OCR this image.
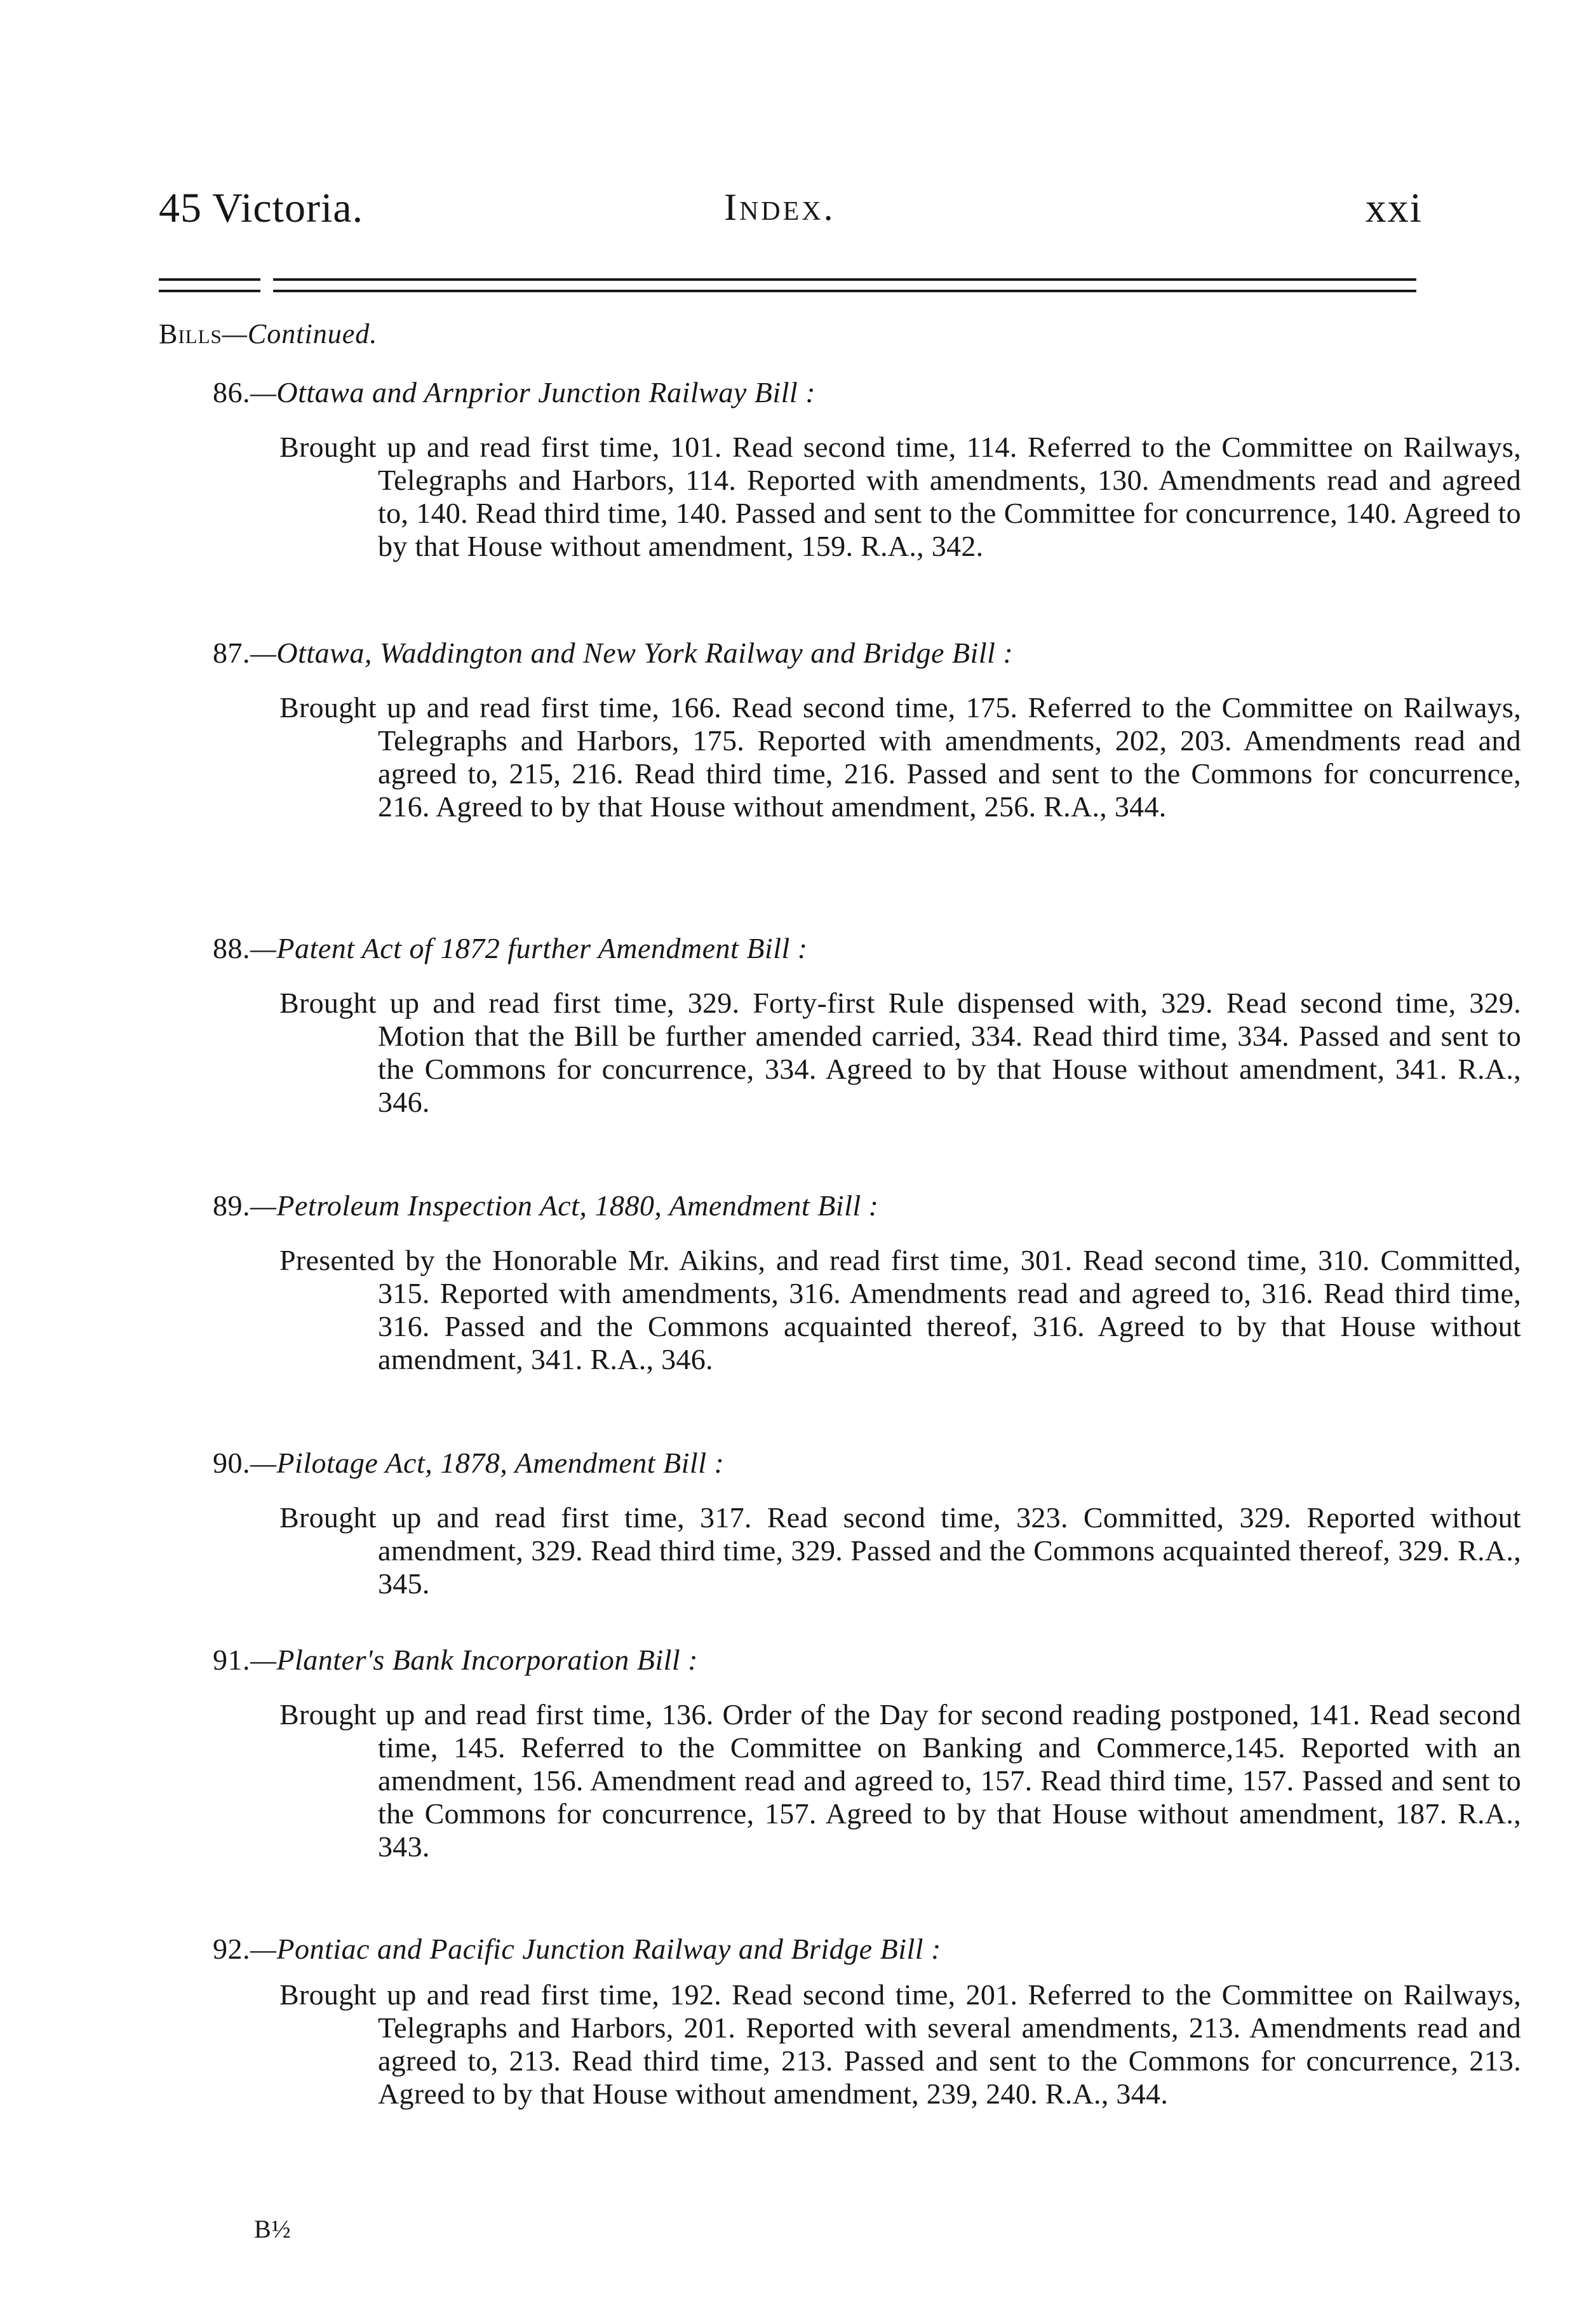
45 Victoria.	Index.	xxi
Bills—Continued.
86.—Ottawa and Arnprior Junction Railway Bill :
Brought up and read first time, 101. Read second time, 114. Referred to the Committee on Railways, Telegraphs and Harbors, 114. Reported with amendments, 130. Amendments read and agreed to, 140. Read third time, 140. Passed and sent to the Committee for concurrence, 140. Agreed to by that House without amendment, 159. R.A., 342.
87.—Ottawa, Waddington and New York Railway and Bridge Bill :
Brought up and read first time, 166. Read second time, 175. Referred to the Committee on Railways, Telegraphs and Harbors, 175. Reported with amendments, 202, 203. Amendments read and agreed to, 215, 216. Read third time, 216. Passed and sent to the Commons for concurrence, 216. Agreed to by that House without amendment, 256. R.A., 344.
88.—Patent Act of 1872 further Amendment Bill :
Brought up and read first time, 329. Forty-first Rule dispensed with, 329. Read second time, 329. Motion that the Bill be further amended carried, 334. Read third time, 334. Passed and sent to the Commons for concurrence, 334. Agreed to by that House without amendment, 341. R.A., 346.
89.—Petroleum Inspection Act, 1880, Amendment Bill :
Presented by the Honorable Mr. Aikins, and read first time, 301. Read second time, 310. Committed, 315. Reported with amendments, 316. Amendments read and agreed to, 316. Read third time, 316. Passed and the Commons acquainted thereof, 316. Agreed to by that House without amendment, 341. R.A., 346.
90.—Pilotage Act, 1878, Amendment Bill :
Brought up and read first time, 317. Read second time, 323. Committed, 329. Reported without amendment, 329. Read third time, 329. Passed and the Commons acquainted thereof, 329. R.A., 345.
91.—Planter's Bank Incorporation Bill :
Brought up and read first time, 136. Order of the Day for second reading postponed, 141. Read second time, 145. Referred to the Committee on Banking and Commerce,145. Reported with an amendment, 156. Amendment read and agreed to, 157. Read third time, 157. Passed and sent to the Commons for concurrence, 157. Agreed to by that House without amendment, 187. R.A., 343.
92.—Pontiac and Pacific Junction Railway and Bridge Bill :
Brought up and read first time, 192. Read second time, 201. Referred to the Committee on Railways, Telegraphs and Harbors, 201. Reported with several amendments, 213. Amendments read and agreed to, 213. Read third time, 213. Passed and sent to the Commons for concurrence, 213. Agreed to by that House without amendment, 239, 240. R.A., 344.
B½
